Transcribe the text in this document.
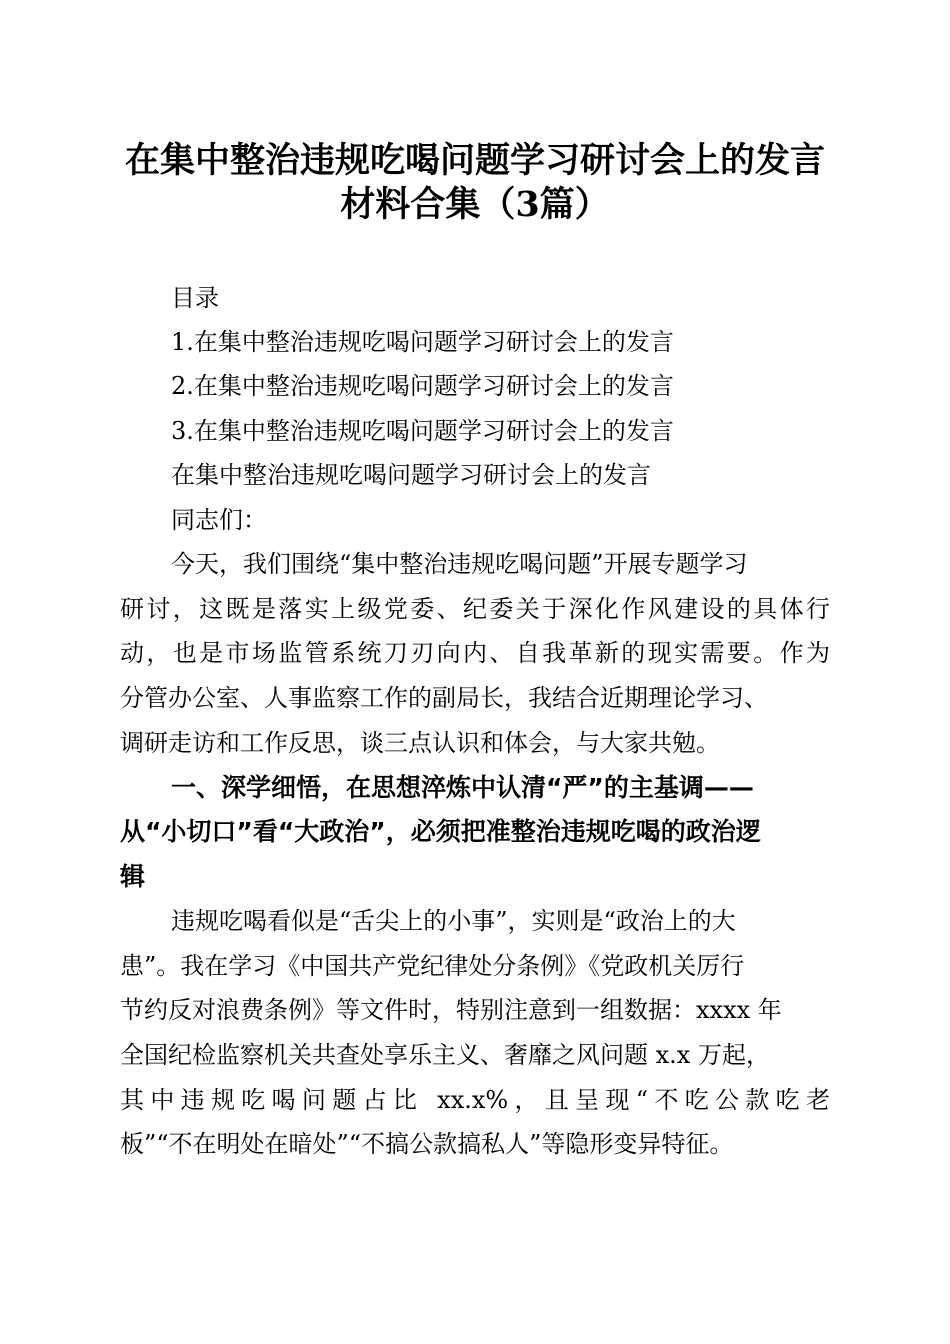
在集中整治违规吃喝问题学习研讨会上的发言
材料合集（3篇）

目录

1.在集中整治违规吃喝问题学习研讨会上的发言

2.在集中整治违规吃喝问题学习研讨会上的发言

3.在集中整治违规吃喝问题学习研讨会上的发言

在集中整治违规吃喝问题学习研讨会上的发言

同志们：

今天，我们围绕“集中整治违规吃喝问题”开展专题学习

研讨，这既是落实上级党委、纪委关于深化作风建设的具体行

动，也是市场监管系统刀刃向内、自我革新的现实需要。作为

分管办公室、人事监察工作的副局长，我结合近期理论学习、

调研走访和工作反思，谈三点认识和体会，与大家共勉。

一、深学细悟，在思想淬炼中认清“严”的主基调——

从“小切口”看“大政治”，必须把准整治违规吃喝的政治逻

辑

违规吃喝看似是“舌尖上的小事”，实则是“政治上的大

患”。我在学习《中国共产党纪律处分条例》《党政机关厉行

节约反对浪费条例》等文件时，特别注意到一组数据：xxxx 年

全国纪检监察机关共查处享乐主义、奢靡之风问题 x.x 万起，

其中违规吃喝问题占比 xx.x%，且呈现“不吃公款吃老

板”“不在明处在暗处”“不搞公款搞私人”等隐形变异特征。
